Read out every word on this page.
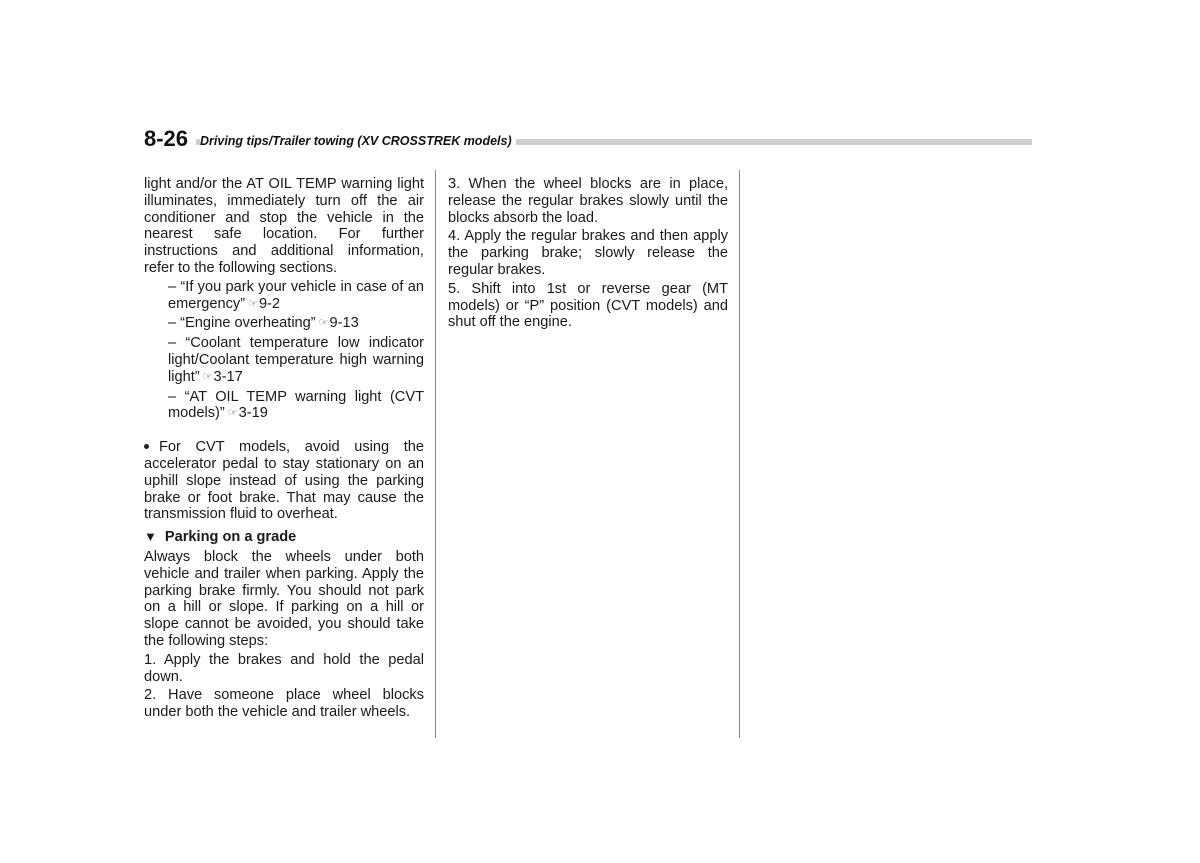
8-26 Driving tips/Trailer towing (XV CROSSTREK models)

light and/or the AT OIL TEMP warning light illuminates, immediately turn off the air conditioner and stop the vehicle in the nearest safe location. For further instructions and additional information, refer to the following sections.

– “If you park your vehicle in case of an emergency” ☞9-2

– “Engine overheating” ☞9-13

– “Coolant temperature low indicator light/Coolant temperature high warning light” ☞3-17

– “AT OIL TEMP warning light (CVT models)” ☞3-19

For CVT models, avoid using the accelerator pedal to stay stationary on an uphill slope instead of using the parking brake or foot brake. That may cause the transmission fluid to overheat.

▼ Parking on a grade

Always block the wheels under both vehicle and trailer when parking. Apply the parking brake firmly. You should not park on a hill or slope. If parking on a hill or slope cannot be avoided, you should take the following steps:

1. Apply the brakes and hold the pedal down.

2. Have someone place wheel blocks under both the vehicle and trailer wheels.

3. When the wheel blocks are in place, release the regular brakes slowly until the blocks absorb the load.

4. Apply the regular brakes and then apply the parking brake; slowly release the regular brakes.

5. Shift into 1st or reverse gear (MT models) or “P” position (CVT models) and shut off the engine.
